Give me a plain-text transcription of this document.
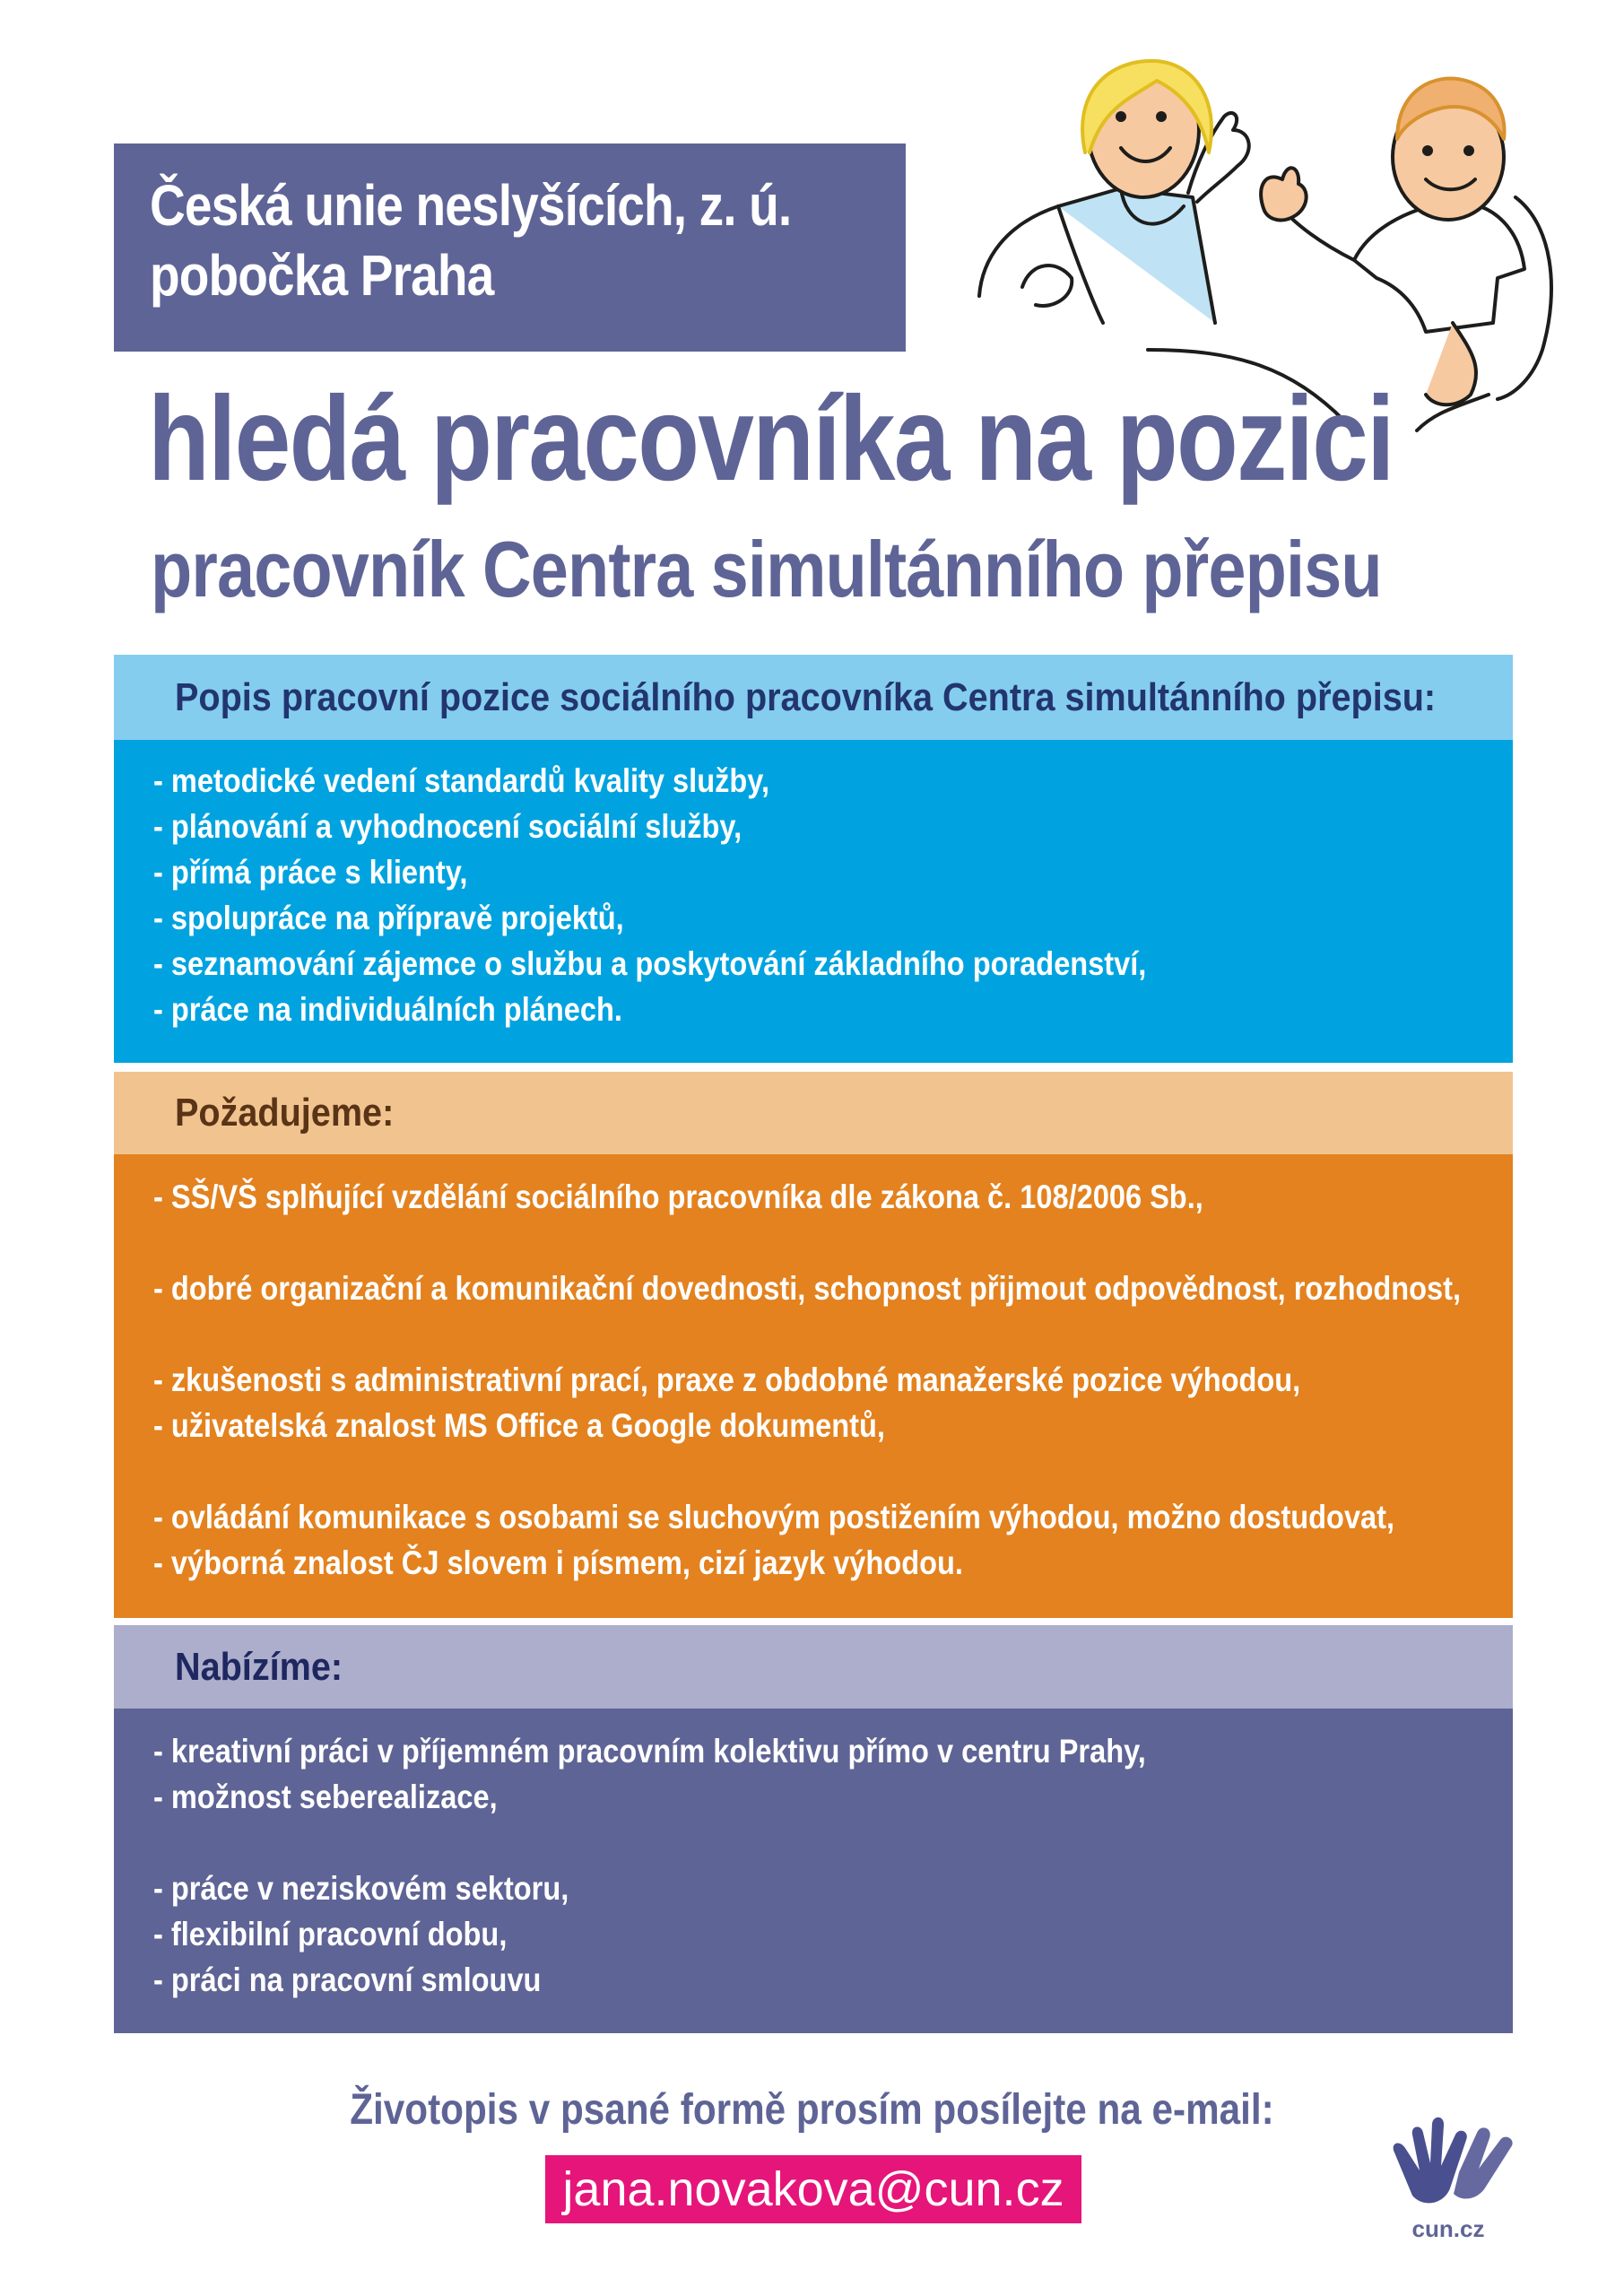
Česká unie neslyšících, z. ú.
pobočka Praha
hledá pracovníka na pozici
pracovník Centra simultánního přepisu
Popis pracovní pozice sociálního pracovníka Centra simultánního přepisu:
- metodické vedení standardů kvality služby,
- plánování a vyhodnocení sociální služby,
- přímá práce s klienty,
- spolupráce na přípravě projektů,
- seznamování zájemce o službu a poskytování základního poradenství,
- práce na individuálních plánech.
Požadujeme:
- SŠ/VŠ splňující vzdělání sociálního pracovníka dle zákona č. 108/2006 Sb.,
- dobré organizační a komunikační dovednosti, schopnost přijmout odpovědnost, rozhodnost,
- zkušenosti s administrativní prací, praxe z obdobné manažerské pozice výhodou,
- uživatelská znalost MS Office a Google dokumentů,
- ovládání komunikace s osobami se sluchovým postižením výhodou, možno dostudovat,
- výborná znalost ČJ slovem i písmem, cizí jazyk výhodou.
Nabízíme:
- kreativní práci v příjemném pracovním kolektivu přímo v centru Prahy,
- možnost seberealizace,
- práce v neziskovém sektoru,
- flexibilní pracovní dobu,
- práci na pracovní smlouvu
Životopis v psané formě prosím posílejte na e-mail:
jana.novakova@cun.cz
cun.cz
